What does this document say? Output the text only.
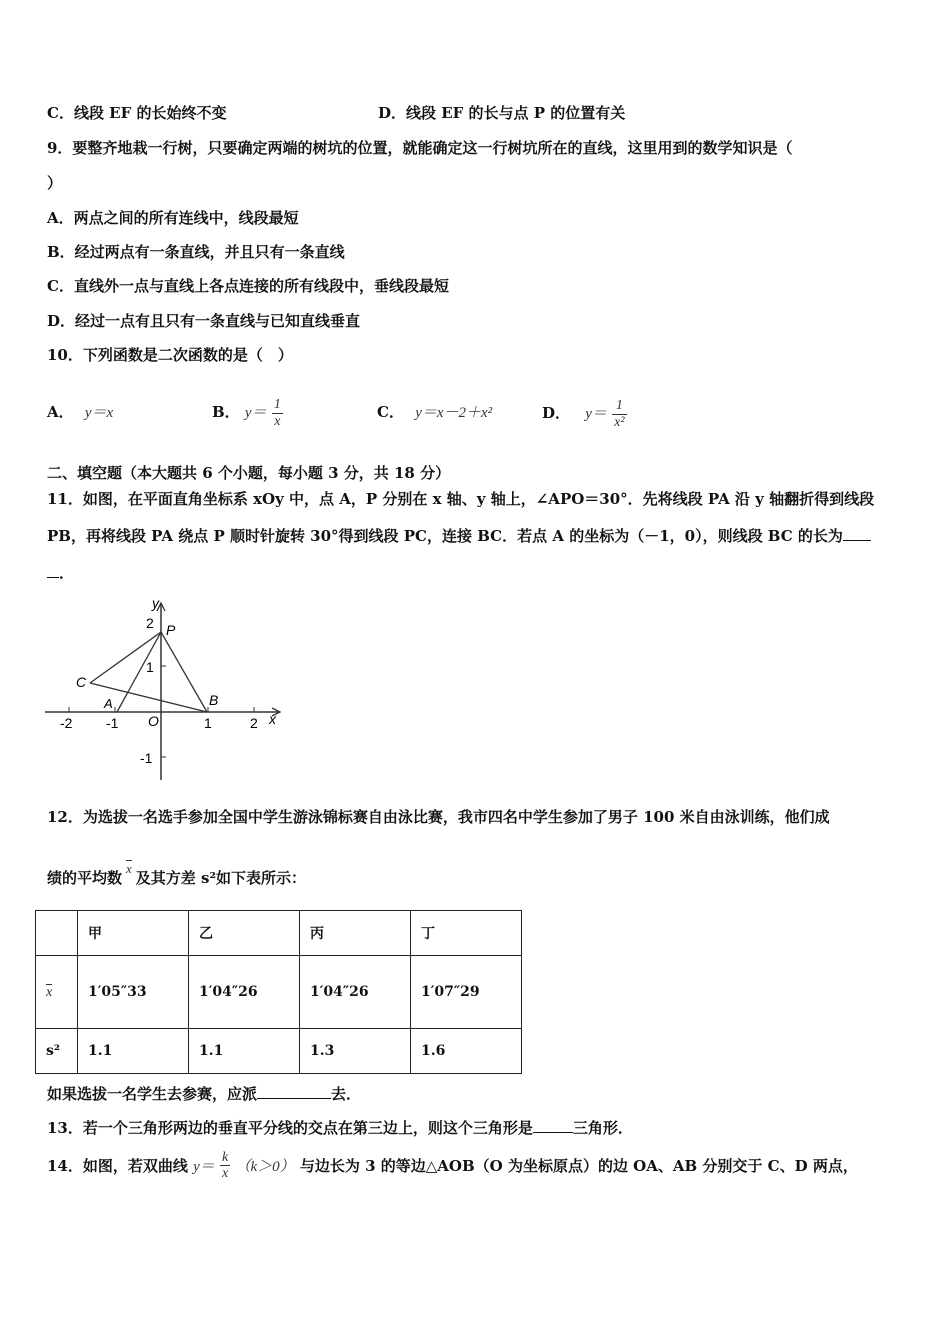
C．线段 EF 的长始终不变	D．线段 EF 的长与点 P 的位置有关
9．要整齐地栽一行树，只要确定两端的树坑的位置，就能确定这一行树坑所在的直线，这里用到的数学知识是（
）
A．两点之间的所有连线中，线段最短
B．经过两点有一条直线，并且只有一条直线
C．直线外一点与直线上各点连接的所有线段中，垂线段最短
D．经过一点有且只有一条直线与已知直线垂直
10．下列函数是二次函数的是（　）
A． y＝x	B． $y= \frac{1}{x}$	C． y＝x－2＋x²	D． $y= \frac{1}{\text{x²}}$
二、填空题（本大题共 6 个小题，每小题 3 分，共 18 分）
11．如图，在平面直角坐标系 xOy 中，点 A，P 分别在 x 轴、y 轴上，∠APO＝30°．先将线段 PA 沿 y 轴翻折得到线段
PB，再将线段 PA 绕点 P 顺时针旋转 30°得到线段 PC，连接 BC．若点 A 的坐标为（－1，0），则线段 BC 的长为
．
y
x
O
P
C
A	B
-2 -1	1	2
2
1
-1
12．为选拔一名选手参加全国中学生游泳锦标赛自由泳比赛，我市四名中学生参加了男子 100 米自由泳训练，他们成
绩的平均数x及其方差 s²如下表所示：
	甲	乙	丙	丁
x	1′05″33	1′04″26	1′04″26	1′07″29
s²	1.1	1.1	1.3	1.6
如果选拔一名学生去参赛，应派	去．
13．若一个三角形两边的垂直平分线的交点在第三边上，则这个三角形是	三角形．
14．如图，若双曲线 $y= \frac{k}{x} (k>0)$ 与边长为 3 的等边△AOB（O 为坐标原点）的边 OA、AB 分别交于 C、D 两点，
